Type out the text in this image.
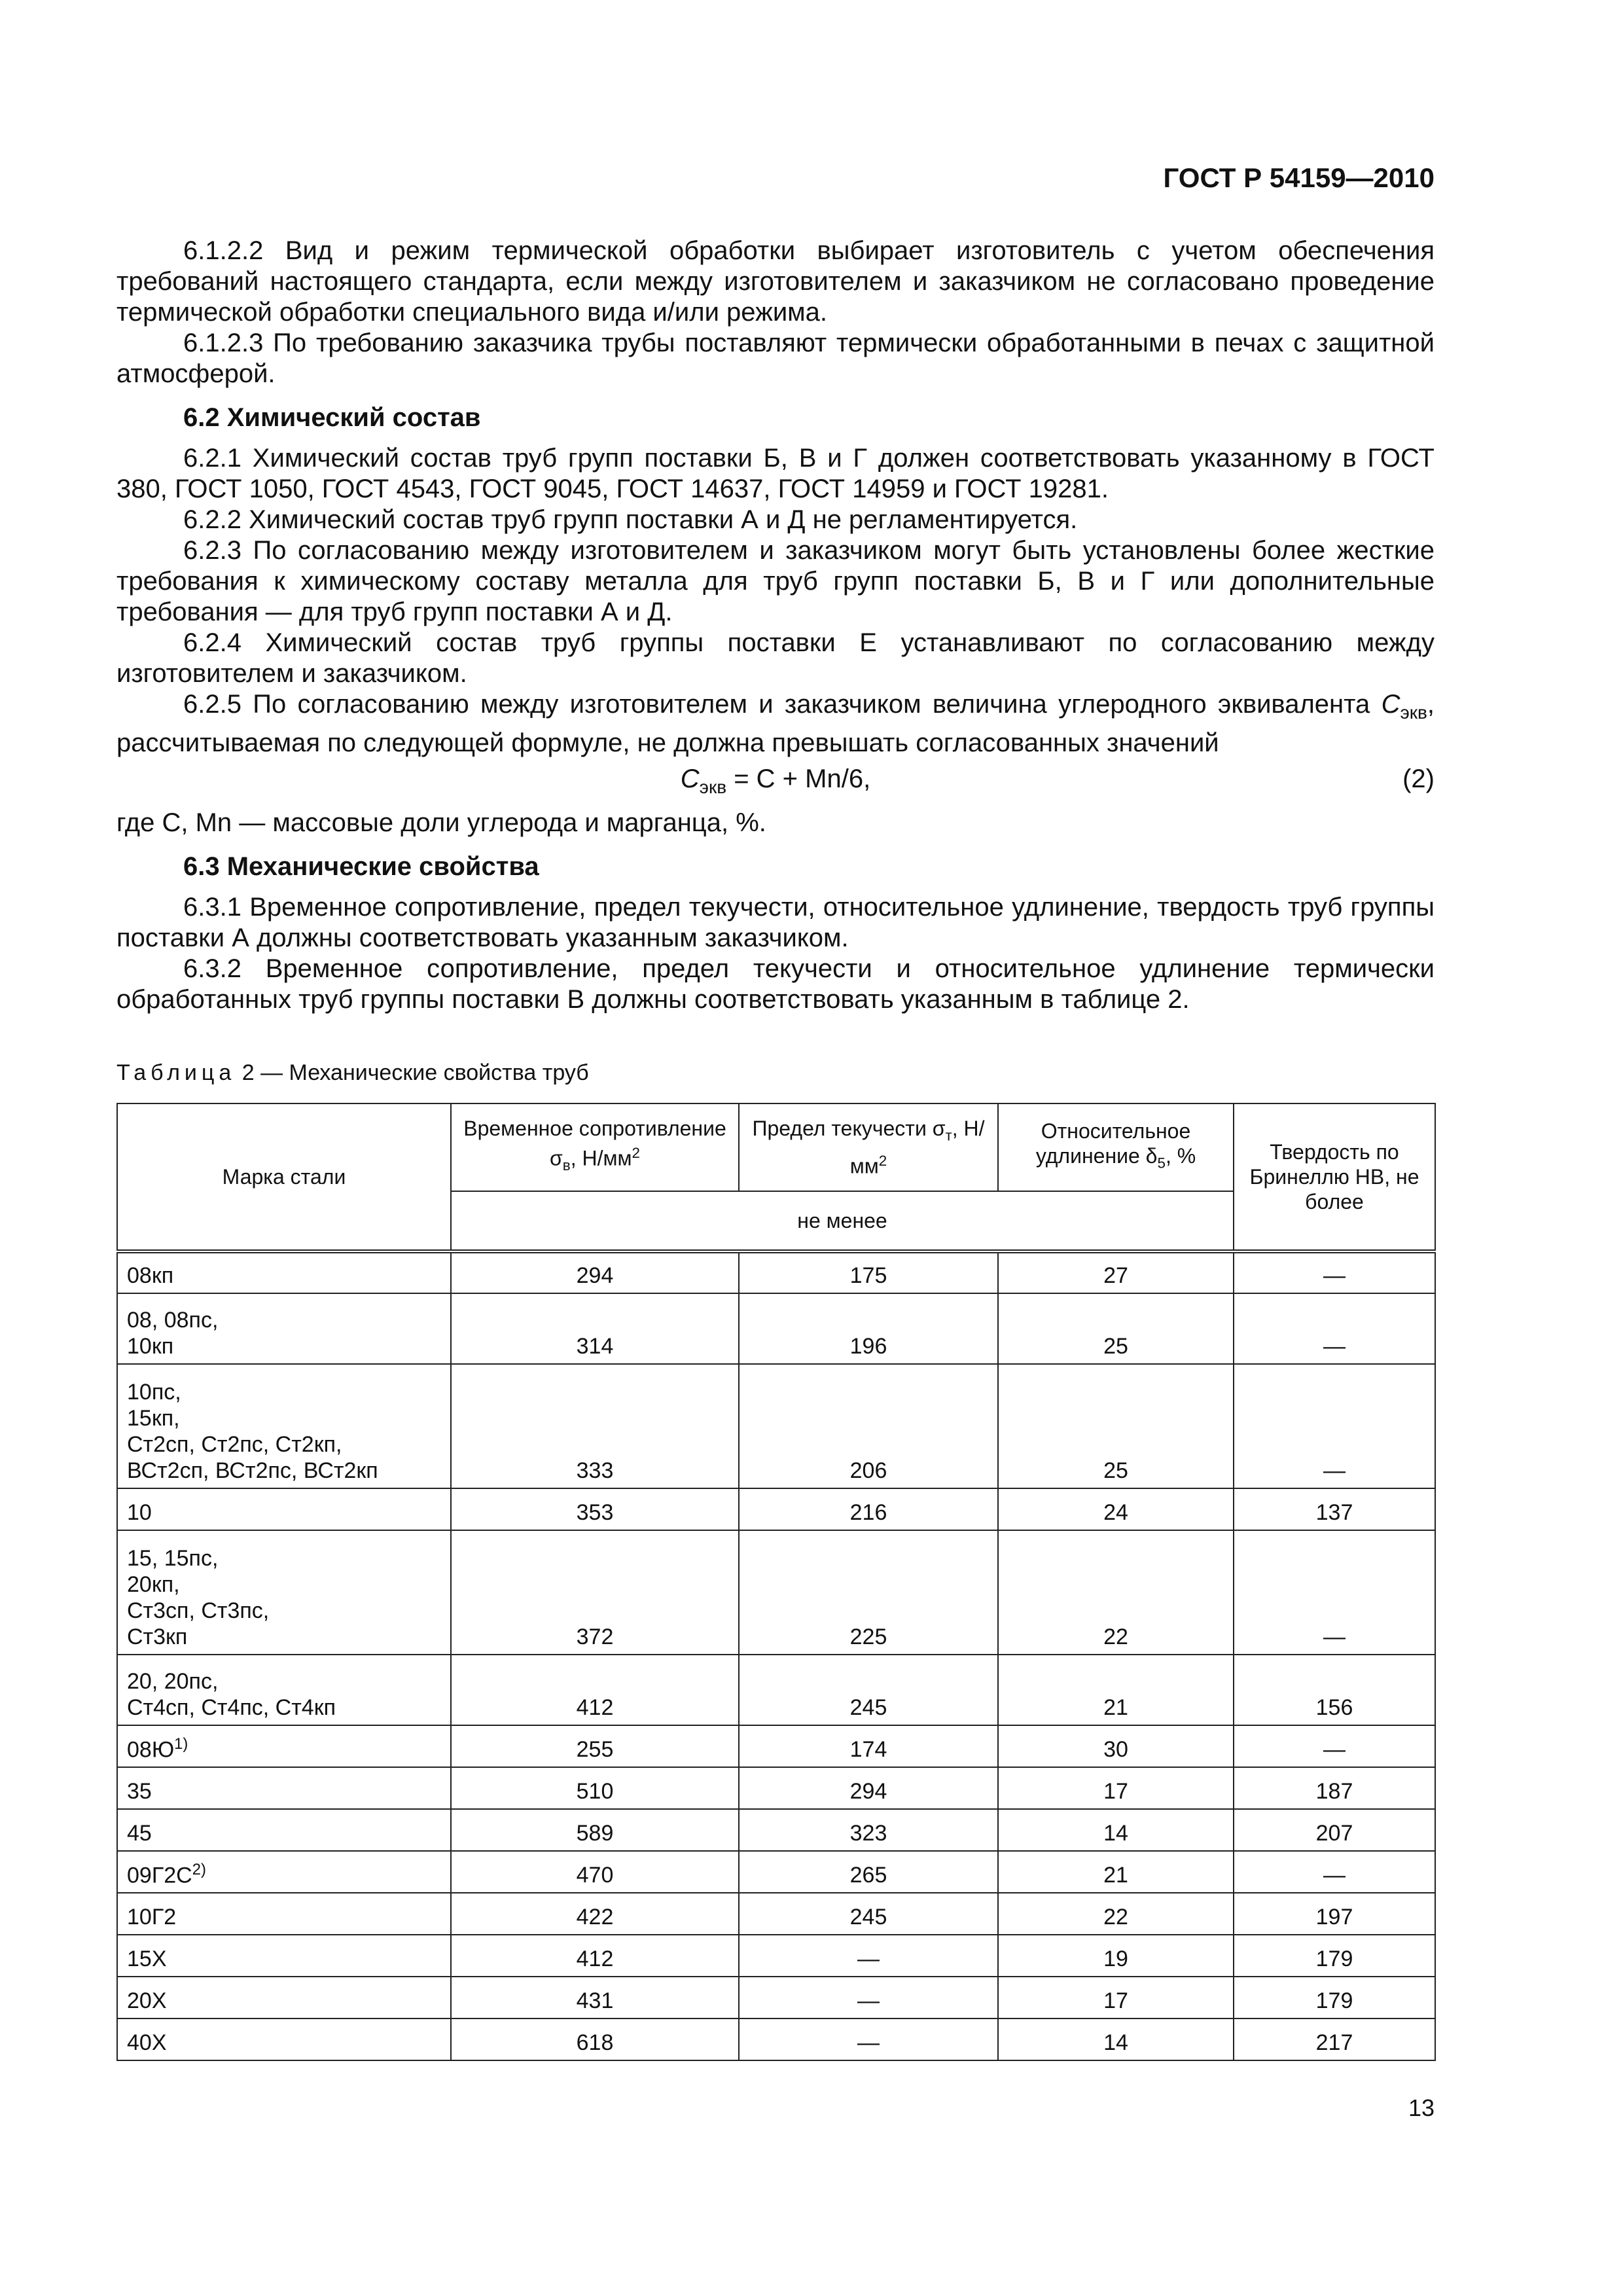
ГОСТ Р 54159—2010

6.1.2.2 Вид и режим термической обработки выбирает изготовитель с учетом обеспечения требований настоящего стандарта, если между изготовителем и заказчиком не согласовано проведение термической обработки специального вида и/или режима.

6.1.2.3 По требованию заказчика трубы поставляют термически обработанными в печах с защитной атмосферой.

6.2 Химический состав

6.2.1 Химический состав труб групп поставки Б, В и Г должен соответствовать указанному в ГОСТ 380, ГОСТ 1050, ГОСТ 4543, ГОСТ 9045, ГОСТ 14637, ГОСТ 14959 и ГОСТ 19281.

6.2.2 Химический состав труб групп поставки А и Д не регламентируется.

6.2.3 По согласованию между изготовителем и заказчиком могут быть установлены более жесткие требования к химическому составу металла для труб групп поставки Б, В и Г или дополнительные требования — для труб групп поставки А и Д.

6.2.4 Химический состав труб группы поставки Е устанавливают по согласованию между изготовителем и заказчиком.

6.2.5 По согласованию между изготовителем и заказчиком величина углеродного эквивалента $C_{экв}$, рассчитываемая по следующей формуле, не должна превышать согласованных значений

$C_{экв} = C + Mn/6$,	(2)

где C, Mn — массовые доли углерода и марганца, %.

6.3 Механические свойства

6.3.1 Временное сопротивление, предел текучести, относительное удлинение, твердость труб группы поставки А должны соответствовать указанным заказчиком.

6.3.2 Временное сопротивление, предел текучести и относительное удлинение термически обработанных труб группы поставки В должны соответствовать указанным в таблице 2.

Таблица 2 — Механические свойства труб
Марка стали	Временное сопротивление $\sigma_в$, $Н/мм^2$	Предел текучести $\sigma_т$, $Н/мм^2$	Относительное удлинение $\delta_5$, %	Твердость по Бринеллю НВ, не более
	не менее			

08кп	294	175	27	—

08, 08пс,
10кп	314	196	25	—

10пс,
15кп,
Ст2сп, Ст2пс, Ст2кп,
ВСт2сп, ВСт2пс, ВСт2кп	333	206	25	—

10	353	216	24	137

15, 15пс,
20кп,
Ст3сп, Ст3пс,
Ст3кп	372	225	22	—

20, 20пс,
Ст4сп, Ст4пс, Ст4кп	412	245	21	156

$08Ю^{1)}$	255	174	30	—

35	510	294	17	187

45	589	323	14	207

$09Г2С^{2)}$	470	265	21	—

10Г2	422	245	22	197

15Х	412	—	19	179

20Х	431	—	17	179

40Х	618	—	14	217
13
